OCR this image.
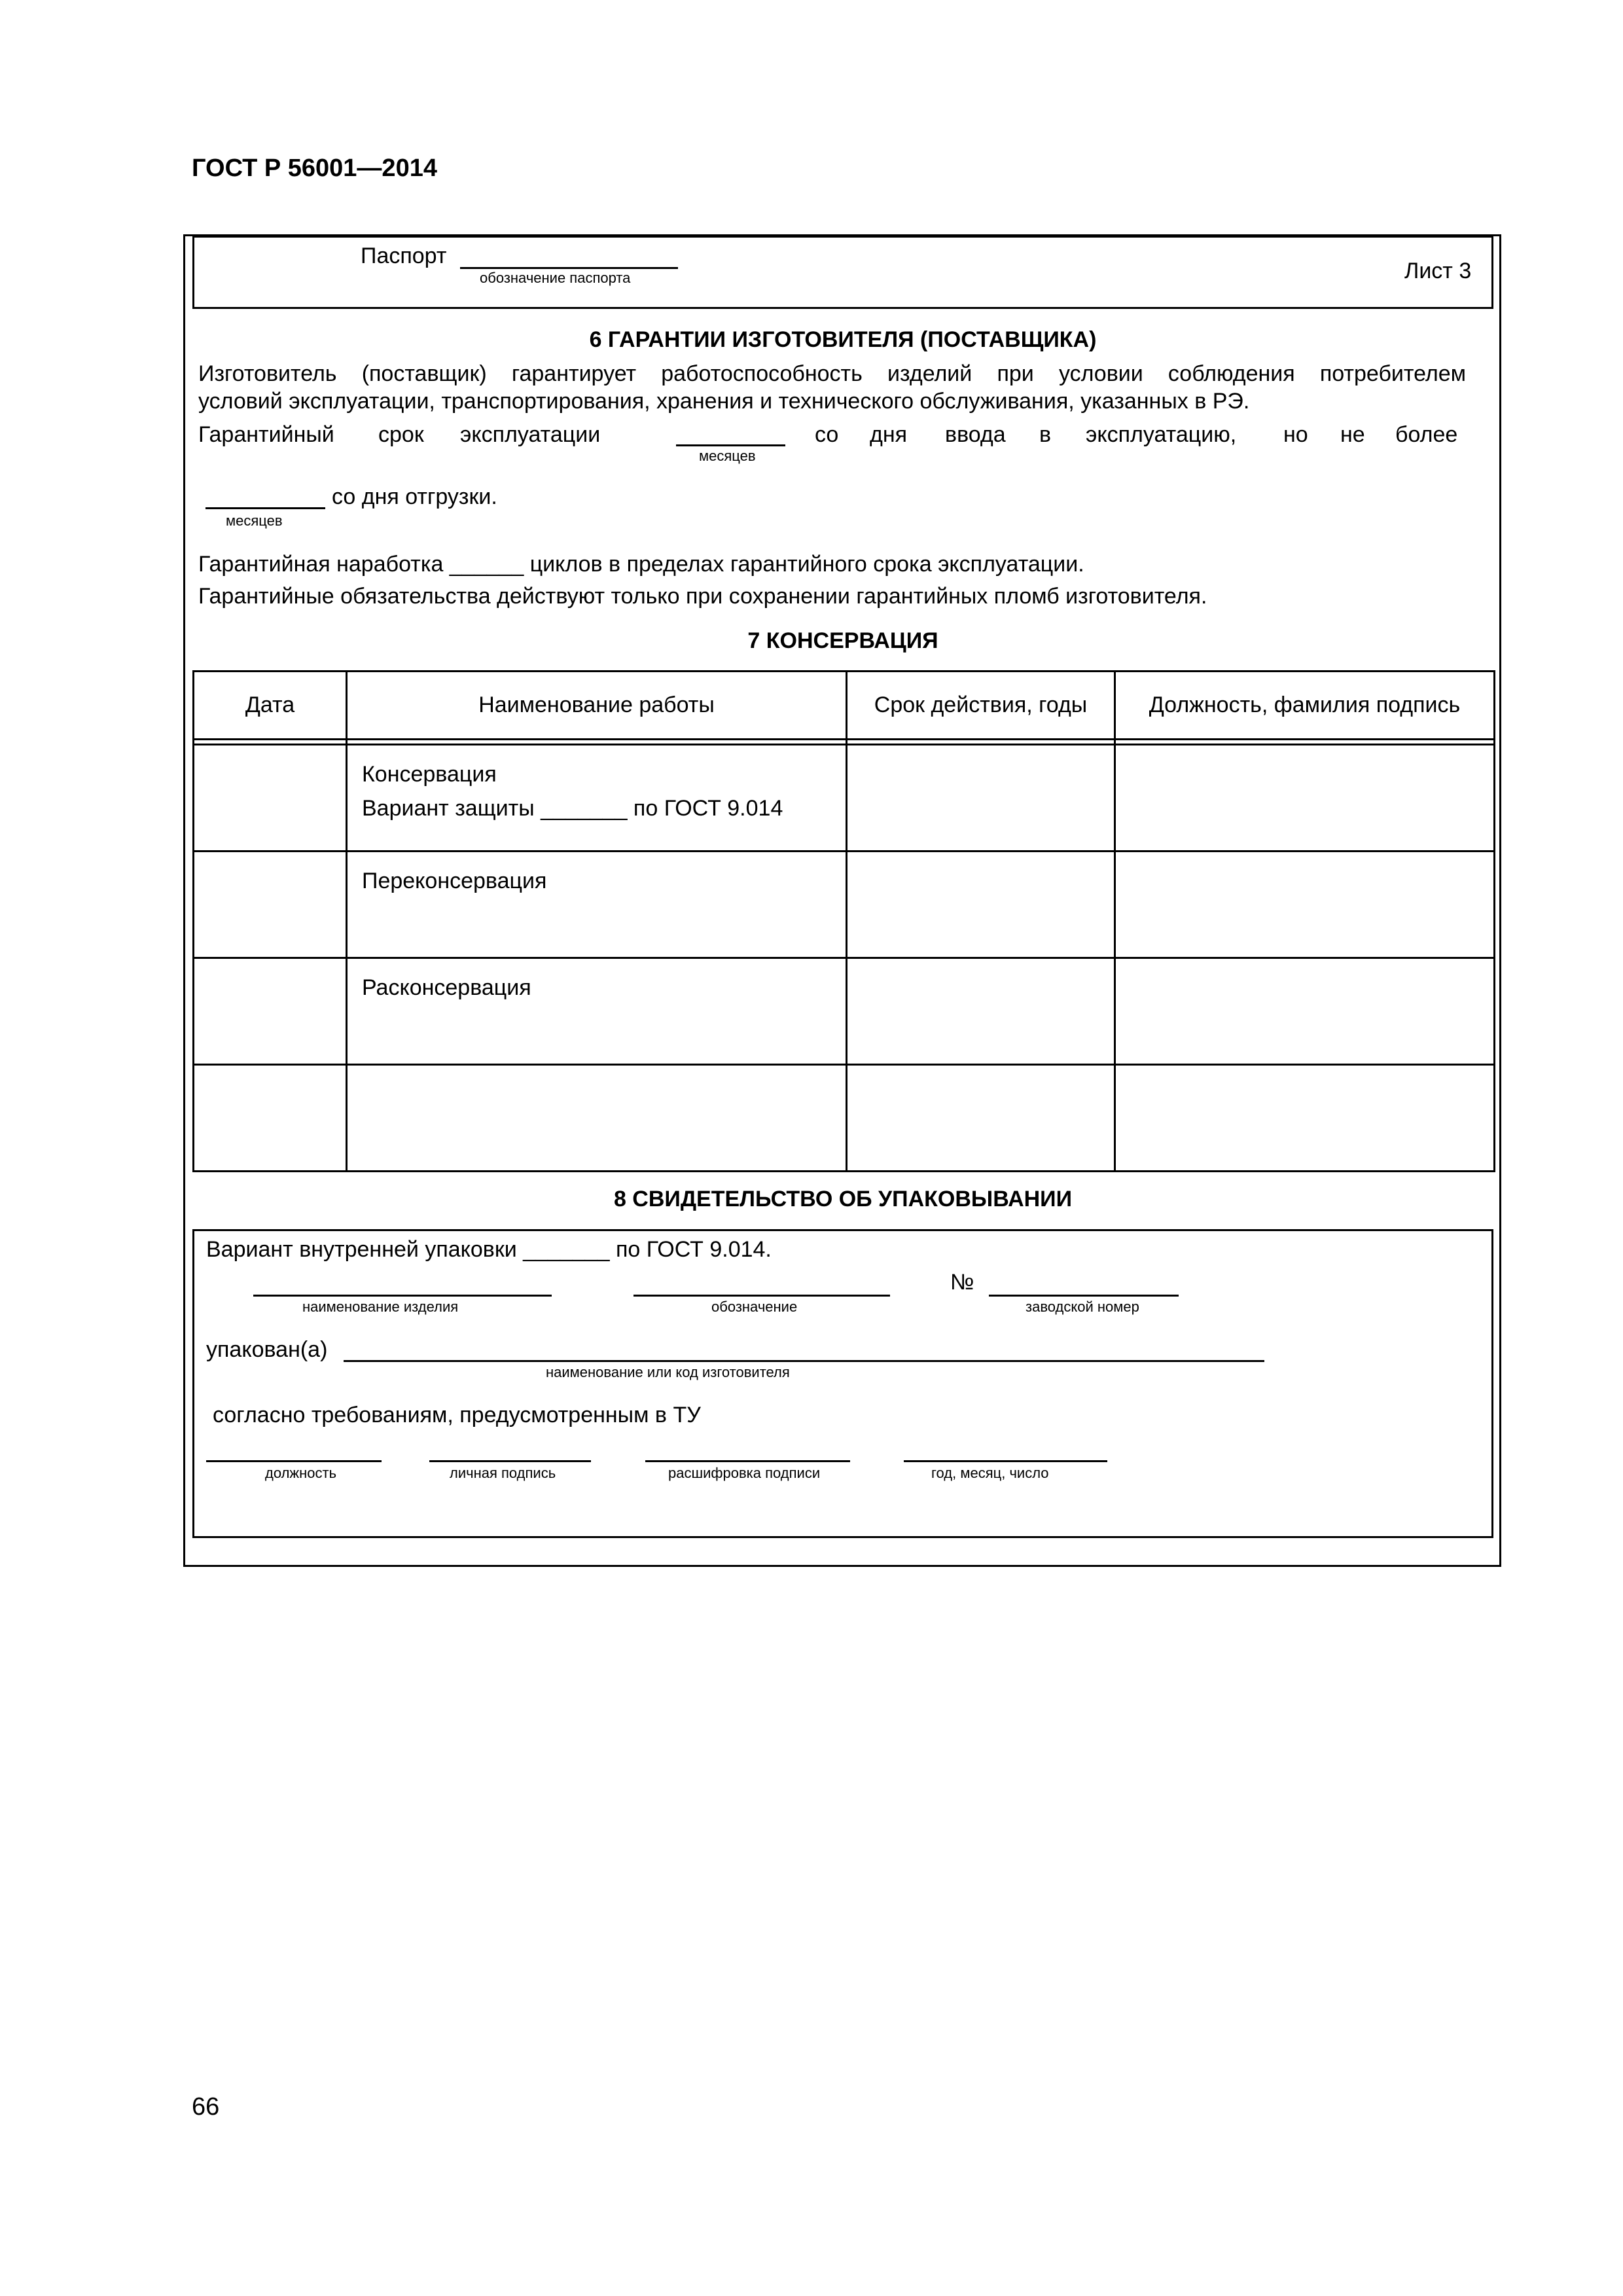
ГОСТ Р 56001—2014
Паспорт
обозначение паспорта	Лист 3
6 ГАРАНТИИ ИЗГОТОВИТЕЛЯ (ПОСТАВЩИКА)
Изготовитель (поставщик) гарантирует работоспособность изделий при условии соблюдения потребителем
условий эксплуатации, транспортирования, хранения и технического обслуживания, указанных в РЭ.
Гарантийный срок эксплуатации
месяцев
со дня ввода в эксплуатацию, но не более
месяцев
со дня отгрузки.
Гарантийная наработка ______ циклов в пределах гарантийного срока эксплуатации.
Гарантийные обязательства действуют только при сохранении гарантийных пломб изготовителя.
7 КОНСЕРВАЦИЯ
Дата	Наименование работы	Срок действия, годы	Должность, фамилия подпись

	Консервация
Вариант защиты _______ по ГОСТ 9.014		

	Переконсервация		

	Расконсервация		

8 СВИДЕТЕЛЬСТВО ОБ УПАКОВЫВАНИИ
Вариант внутренней упаковки _______ по ГОСТ 9.014.
наименование изделия	обозначение
№
заводской номер
упакован(а)
наименование или код изготовителя
согласно требованиям, предусмотренным в ТУ
должность	личная подпись	расшифровка подписи	год, месяц, число
66
